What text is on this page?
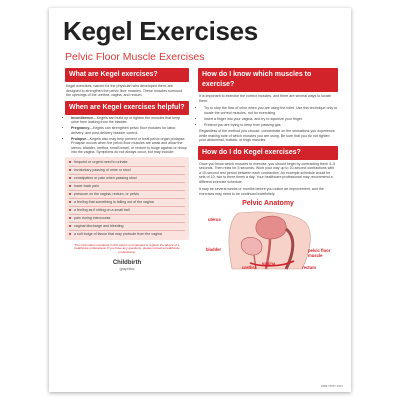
Kegel Exercises
Pelvic Floor Muscle Exercises
What are Kegel exercises?
Kegel exercises, named for the physician who developed them, are designed to strengthen the pelvic floor muscles. These muscles surround the openings of the urethra, vagina, and rectum.
When are Kegel exercises helpful?
• Incontinence—Kegels can build up or tighten the muscles that keep urine from leaking from the bladder.
• Pregnancy—Kegels can strengthen pelvic floor muscles for labor, delivery, and post-delivery bladder control.
• Prolapse—Kegels also may help prevent or treat pelvic organ prolapse. Prolapse occurs when the pelvic floor muscles are weak and allow the uterus, bladder, urethra, small bowel, or rectum to bulge against or droop into the vagina. Symptoms do not always occur, but may include:
frequent or urgent need to urinate
involuntary passing of urine or stool
constipation or pain when passing stool
lower back pain
pressure on the vagina, rectum, or pelvis
a feeling that something is falling out of the vagina
a feeling as if sitting on a small ball
pain during intercourse
vaginal discharge and bleeding
a soft bulge of tissue that may protrude from the vagina
The information contained in this card is not intended to replace the advice of a healthcare professional. If you have any questions, please contact a healthcare professional.
Childbirth
graphics
How do I know which muscles to exercise?
It is important to exercise the correct muscles, and there are several ways to locate them:
• Try to stop the flow of urine when you are using the toilet. Use this technique only to locate the correct muscles, not for exercising.
• Insert a finger into your vagina, and try to squeeze your finger.
• Pretend you are trying to keep from passing gas.
Regardless of the method you choose, concentrate on the sensations you experience while making note of which muscles you are using. Be sure that you do not tighten your abdominal, buttock, or thigh muscles.
How do I do Kegel exercises?
Once you know which muscles to exercise, you should begin by contracting them 3–5 seconds. Then relax for 5 seconds. Work your way up to 10-second contractions with a 10-second rest period between each contraction. An example schedule would be sets of 10, two to three times a day. Your healthcare professional may recommend a different exercise schedule.
It may be several weeks or months before you notice an improvement, and the exercises may need to be continued indefinitely.
Pelvic Anatomy
uterus
bladder
urethra
vagina
pelvic floor muscle
rectum
2888-76007-0913
